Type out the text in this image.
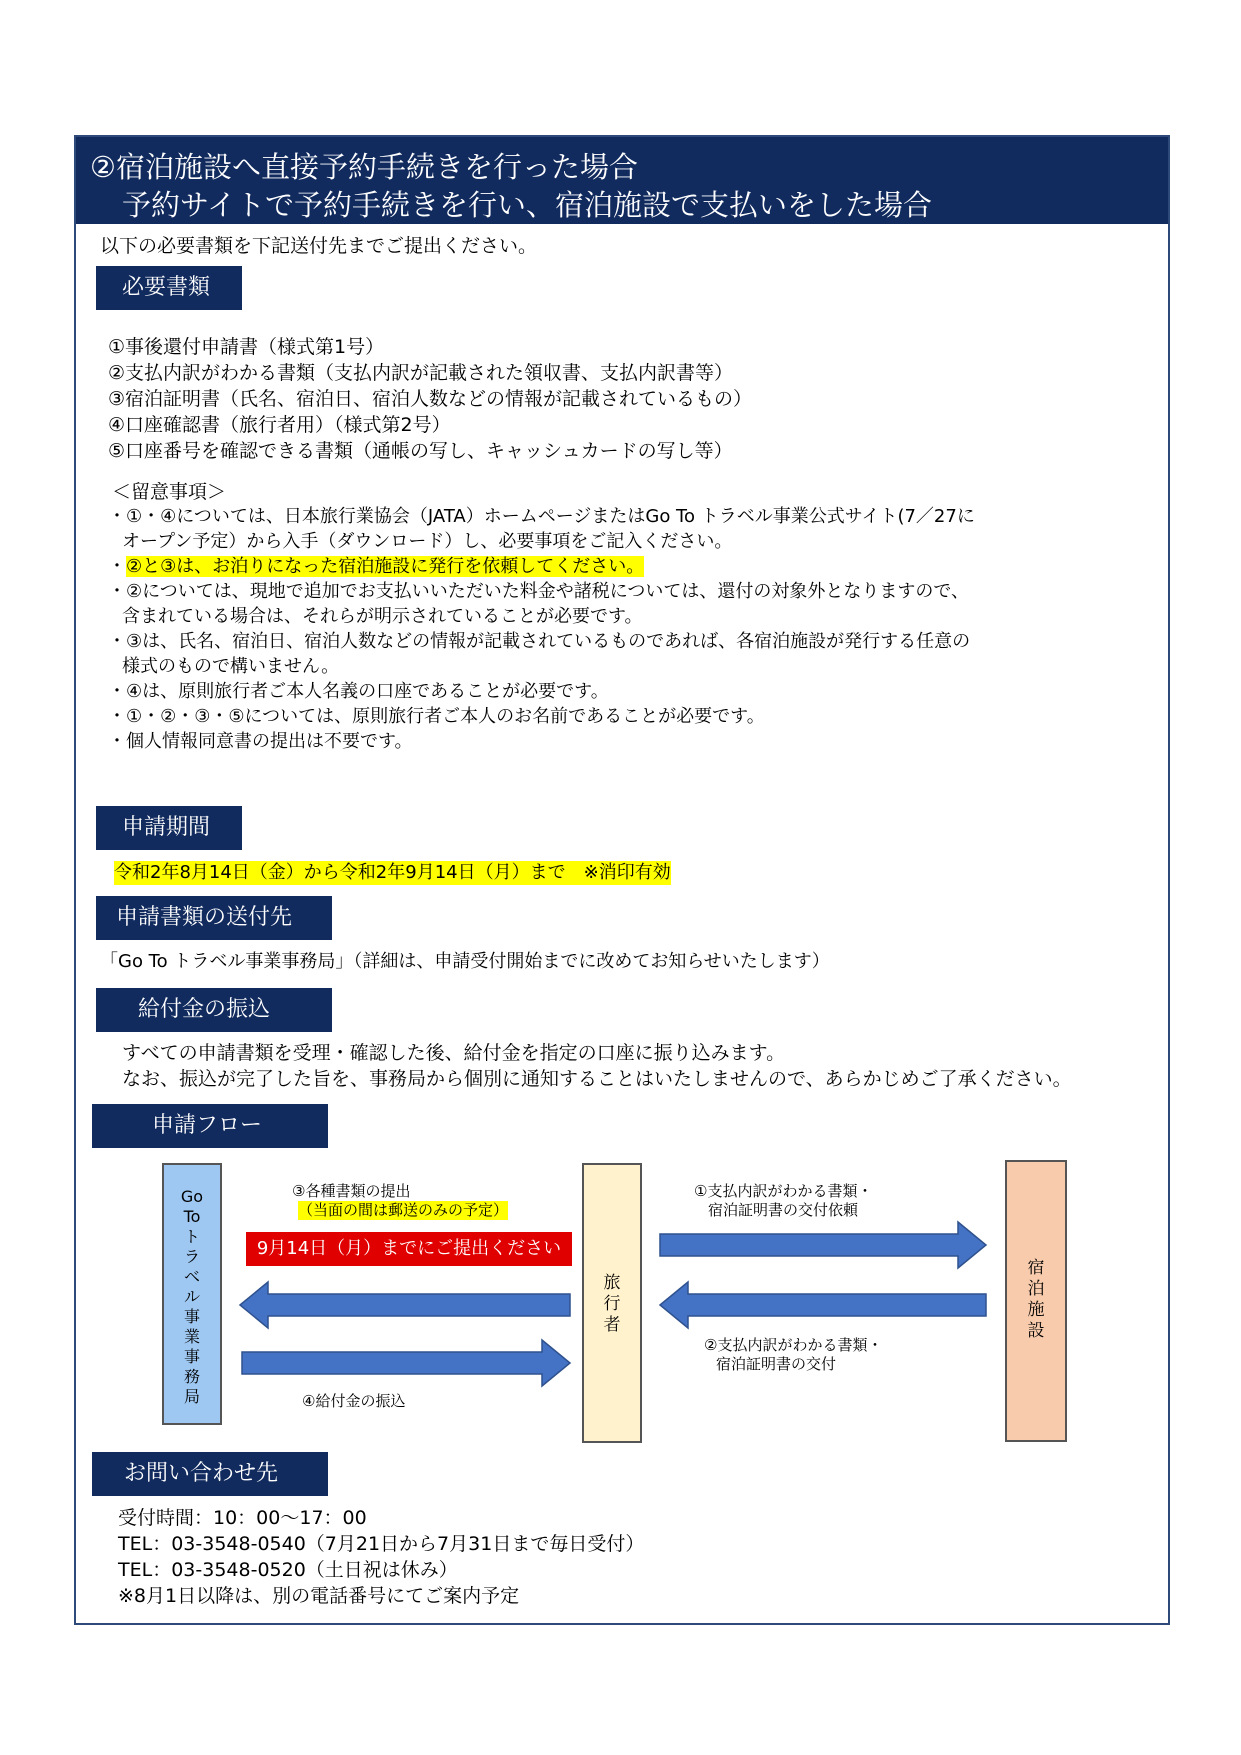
②宿泊施設へ直接予約手続きを行った場合
予約サイトで予約手続きを行い、宿泊施設で支払いをした場合
以下の必要書類を下記送付先までご提出ください。
必要書類
①事後還付申請書（様式第1号）
②支払内訳がわかる書類（支払内訳が記載された領収書、支払内訳書等）
③宿泊証明書（氏名、宿泊日、宿泊人数などの情報が記載されているもの）
④口座確認書（旅行者用）（様式第2号）
⑤口座番号を確認できる書類（通帳の写し、キャッシュカードの写し等）
＜留意事項＞
・①・④については、日本旅行業協会（JATA）ホームページまたはGo To トラベル事業公式サイト(7／27に
オープン予定）から入手（ダウンロード）し、必要事項をご記入ください。
・②と③は、お泊りになった宿泊施設に発行を依頼してください。
・②については、現地で追加でお支払いいただいた料金や諸税については、還付の対象外となりますので、
含まれている場合は、それらが明示されていることが必要です。
・③は、氏名、宿泊日、宿泊人数などの情報が記載されているものであれば、各宿泊施設が発行する任意の
様式のもので構いません。
・④は、原則旅行者ご本人名義の口座であることが必要です。
・①・②・③・⑤については、原則旅行者ご本人のお名前であることが必要です。
・個人情報同意書の提出は不要です。
申請期間
令和2年8月14日（金）から令和2年9月14日（月）まで　※消印有効
申請書類の送付先
「Go To トラベル事業事務局」（詳細は、申請受付開始までに改めてお知らせいたします）
給付金の振込
すべての申請書類を受理・確認した後、給付金を指定の口座に振り込みます。
なお、振込が完了した旨を、事務局から個別に通知することはいたしませんので、あらかじめご了承ください。
申請フロー
Go
To
ト
ラ
ベ
ル
事
業
事
務
局
旅
行
者
宿
泊
施
設
③各種書類の提出
（当面の間は郵送のみの予定）
9月14日（月）までにご提出ください
①支払内訳がわかる書類・
宿泊証明書の交付依頼
②支払内訳がわかる書類・
宿泊証明書の交付
④給付金の振込
お問い合わせ先
受付時間：10：00～17：00
TEL：03-3548-0540（7月21日から7月31日まで毎日受付）
TEL：03-3548-0520（土日祝は休み）
※8月1日以降は、別の電話番号にてご案内予定
